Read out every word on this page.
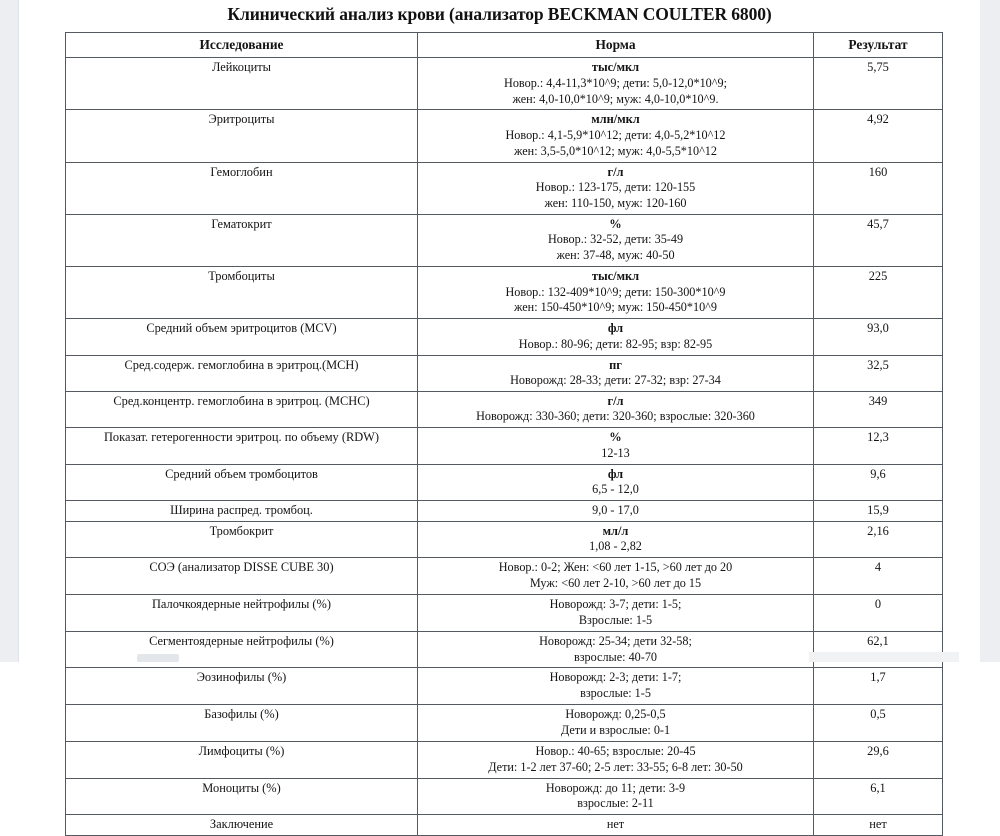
Клинический анализ крови (анализатор BECKMAN COULTER 6800)
Исследование	Норма	Результат
Лейкоциты	тыс/мкл
Новор.: 4,4-11,3*10^9; дети: 5,0-12,0*10^9;
жен: 4,0-10,0*10^9; муж: 4,0-10,0*10^9.	5,75
Эритроциты	млн/мкл
Новор.: 4,1-5,9*10^12; дети: 4,0-5,2*10^12
жен: 3,5-5,0*10^12; муж: 4,0-5,5*10^12	4,92
Гемоглобин	г/л
Новор.: 123-175, дети: 120-155
жен: 110-150, муж: 120-160	160
Гематокрит	%
Новор.: 32-52, дети: 35-49
жен: 37-48, муж: 40-50	45,7
Тромбоциты	тыс/мкл
Новор.: 132-409*10^9; дети: 150-300*10^9
жен: 150-450*10^9; муж: 150-450*10^9	225
Средний объем эритроцитов (MCV)	фл
Новор.: 80-96; дети: 82-95; взр: 82-95	93,0
Сред.содерж. гемоглобина в эритроц.(МСН)	пг
Новорожд: 28-33; дети: 27-32; взр: 27-34	32,5
Сред.концентр. гемоглобина в эритроц. (МСНС)	г/л
Новорожд: 330-360; дети: 320-360; взрослые: 320-360	349
Показат. гетерогенности эритроц. по объему (RDW)	%
12-13	12,3
Средний объем тромбоцитов	фл
6,5 - 12,0	9,6
Ширина распред. тромбоц.	9,0 - 17,0	15,9
Тромбокрит	мл/л
1,08 - 2,82	2,16
СОЭ (анализатор DISSE CUBE 30)	Новор.: 0-2; Жен: <60 лет 1-15, >60 лет до 20
Муж: <60 лет 2-10, >60 лет до 15	4
Палочкоядерные нейтрофилы (%)	Новорожд: 3-7; дети: 1-5;
Взрослые: 1-5	0
Сегментоядерные нейтрофилы (%)	Новорожд: 25-34; дети 32-58;
взрослые: 40-70	62,1
Эозинофилы (%)	Новорожд: 2-3; дети: 1-7;
взрослые: 1-5	1,7
Базофилы (%)	Новорожд: 0,25-0,5
Дети и взрослые: 0-1	0,5
Лимфоциты (%)	Новор.: 40-65; взрослые: 20-45
Дети: 1-2 лет 37-60; 2-5 лет: 33-55; 6-8 лет: 30-50	29,6
Моноциты (%)	Новорожд: до 11; дети: 3-9
взрослые: 2-11	6,1
Заключение	нет	нет
